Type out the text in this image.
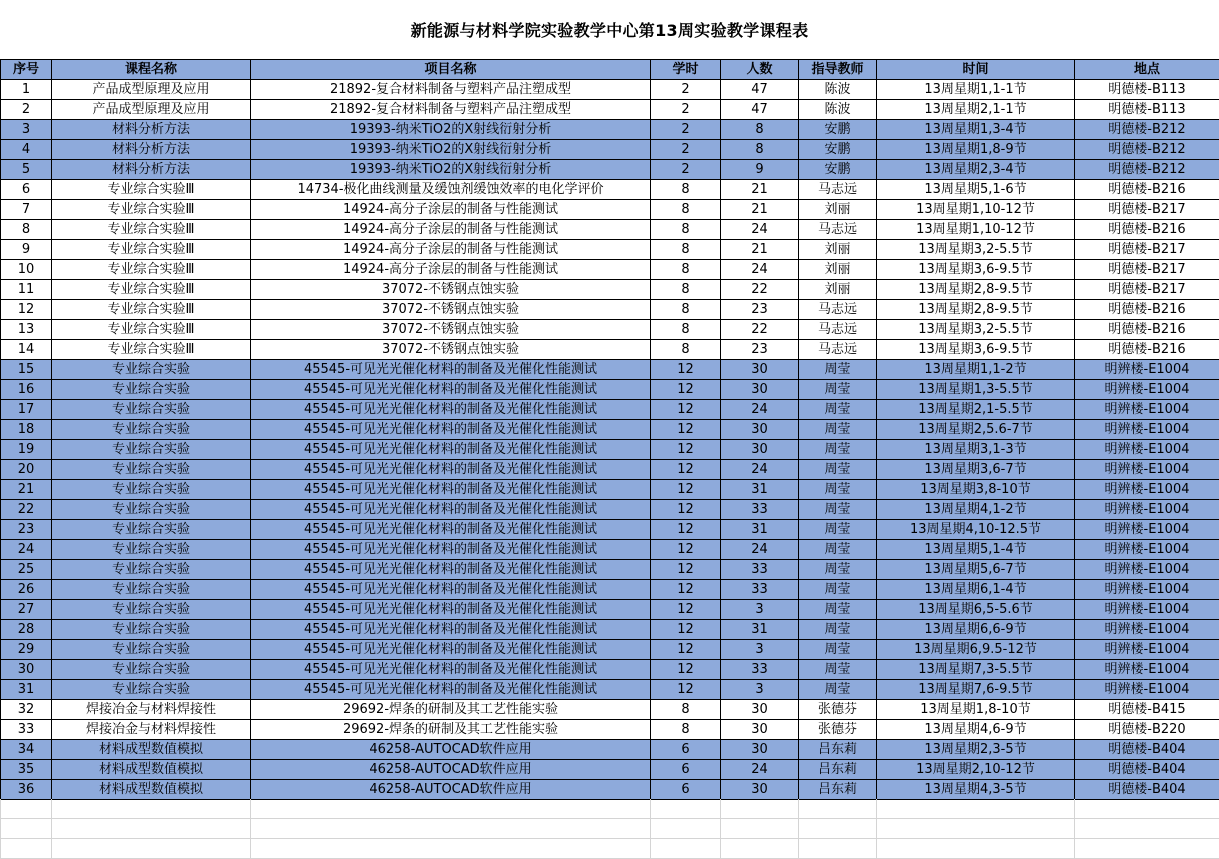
新能源与材料学院实验教学中心第13周实验教学课程表
序号	课程名称	项目名称	学时	人数	指导教师	时间	地点
1	产品成型原理及应用	21892-复合材料制备与塑料产品注塑成型	2	47	陈波	13周星期1,1-1节	明德楼-B113
2	产品成型原理及应用	21892-复合材料制备与塑料产品注塑成型	2	47	陈波	13周星期2,1-1节	明德楼-B113
3	材料分析方法	19393-纳米TiO2的X射线衍射分析	2	8	安鹏	13周星期1,3-4节	明德楼-B212
4	材料分析方法	19393-纳米TiO2的X射线衍射分析	2	8	安鹏	13周星期1,8-9节	明德楼-B212
5	材料分析方法	19393-纳米TiO2的X射线衍射分析	2	9	安鹏	13周星期2,3-4节	明德楼-B212
6	专业综合实验Ⅲ	14734-极化曲线测量及缓蚀剂缓蚀效率的电化学评价	8	21	马志远	13周星期5,1-6节	明德楼-B216
7	专业综合实验Ⅲ	14924-高分子涂层的制备与性能测试	8	21	刘丽	13周星期1,10-12节	明德楼-B217
8	专业综合实验Ⅲ	14924-高分子涂层的制备与性能测试	8	24	马志远	13周星期1,10-12节	明德楼-B216
9	专业综合实验Ⅲ	14924-高分子涂层的制备与性能测试	8	21	刘丽	13周星期3,2-5.5节	明德楼-B217
10	专业综合实验Ⅲ	14924-高分子涂层的制备与性能测试	8	24	刘丽	13周星期3,6-9.5节	明德楼-B217
11	专业综合实验Ⅲ	37072-不锈钢点蚀实验	8	22	刘丽	13周星期2,8-9.5节	明德楼-B217
12	专业综合实验Ⅲ	37072-不锈钢点蚀实验	8	23	马志远	13周星期2,8-9.5节	明德楼-B216
13	专业综合实验Ⅲ	37072-不锈钢点蚀实验	8	22	马志远	13周星期3,2-5.5节	明德楼-B216
14	专业综合实验Ⅲ	37072-不锈钢点蚀实验	8	23	马志远	13周星期3,6-9.5节	明德楼-B216
15	专业综合实验	45545-可见光光催化材料的制备及光催化性能测试	12	30	周莹	13周星期1,1-2节	明辨楼-E1004
16	专业综合实验	45545-可见光光催化材料的制备及光催化性能测试	12	30	周莹	13周星期1,3-5.5节	明辨楼-E1004
17	专业综合实验	45545-可见光光催化材料的制备及光催化性能测试	12	24	周莹	13周星期2,1-5.5节	明辨楼-E1004
18	专业综合实验	45545-可见光光催化材料的制备及光催化性能测试	12	30	周莹	13周星期2,5.6-7节	明辨楼-E1004
19	专业综合实验	45545-可见光光催化材料的制备及光催化性能测试	12	30	周莹	13周星期3,1-3节	明辨楼-E1004
20	专业综合实验	45545-可见光光催化材料的制备及光催化性能测试	12	24	周莹	13周星期3,6-7节	明辨楼-E1004
21	专业综合实验	45545-可见光光催化材料的制备及光催化性能测试	12	31	周莹	13周星期3,8-10节	明辨楼-E1004
22	专业综合实验	45545-可见光光催化材料的制备及光催化性能测试	12	33	周莹	13周星期4,1-2节	明辨楼-E1004
23	专业综合实验	45545-可见光光催化材料的制备及光催化性能测试	12	31	周莹	13周星期4,10-12.5节	明辨楼-E1004
24	专业综合实验	45545-可见光光催化材料的制备及光催化性能测试	12	24	周莹	13周星期5,1-4节	明辨楼-E1004
25	专业综合实验	45545-可见光光催化材料的制备及光催化性能测试	12	33	周莹	13周星期5,6-7节	明辨楼-E1004
26	专业综合实验	45545-可见光光催化材料的制备及光催化性能测试	12	33	周莹	13周星期6,1-4节	明辨楼-E1004
27	专业综合实验	45545-可见光光催化材料的制备及光催化性能测试	12	3	周莹	13周星期6,5-5.6节	明辨楼-E1004
28	专业综合实验	45545-可见光光催化材料的制备及光催化性能测试	12	31	周莹	13周星期6,6-9节	明辨楼-E1004
29	专业综合实验	45545-可见光光催化材料的制备及光催化性能测试	12	3	周莹	13周星期6,9.5-12节	明辨楼-E1004
30	专业综合实验	45545-可见光光催化材料的制备及光催化性能测试	12	33	周莹	13周星期7,3-5.5节	明辨楼-E1004
31	专业综合实验	45545-可见光光催化材料的制备及光催化性能测试	12	3	周莹	13周星期7,6-9.5节	明辨楼-E1004
32	焊接冶金与材料焊接性	29692-焊条的研制及其工艺性能实验	8	30	张德芬	13周星期1,8-10节	明德楼-B415
33	焊接冶金与材料焊接性	29692-焊条的研制及其工艺性能实验	8	30	张德芬	13周星期4,6-9节	明德楼-B220
34	材料成型数值模拟	46258-AUTOCAD软件应用	6	30	吕东莉	13周星期2,3-5节	明德楼-B404
35	材料成型数值模拟	46258-AUTOCAD软件应用	6	24	吕东莉	13周星期2,10-12节	明德楼-B404
36	材料成型数值模拟	46258-AUTOCAD软件应用	6	30	吕东莉	13周星期4,3-5节	明德楼-B404
